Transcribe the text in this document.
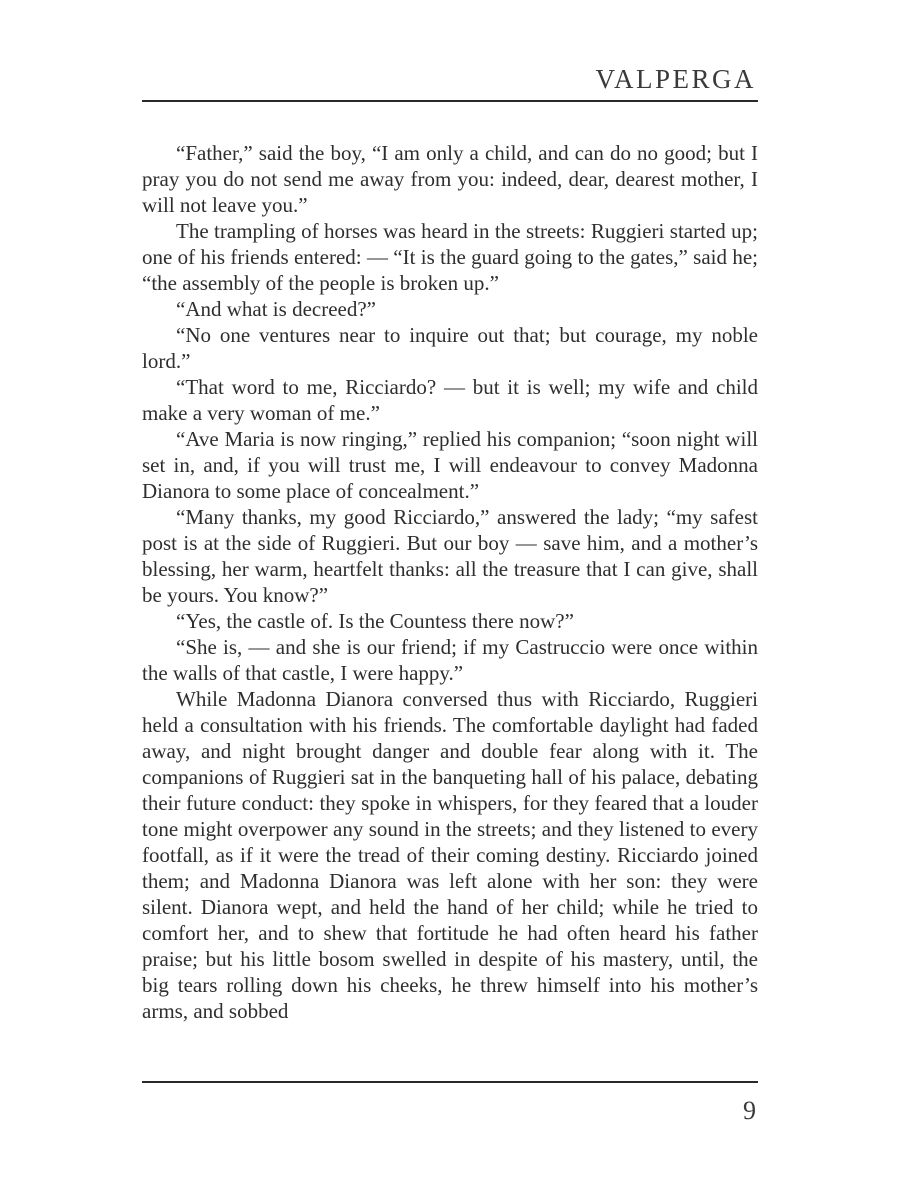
VALPERGA

“Father,” said the boy, “I am only a child, and can do no good; but I pray you do not send me away from you: indeed, dear, dearest mother, I will not leave you.”

The trampling of horses was heard in the streets: Ruggieri started up; one of his friends entered: — “It is the guard going to the gates,” said he; “the assembly of the people is broken up.”

“And what is decreed?”

“No one ventures near to inquire out that; but courage, my noble lord.”

“That word to me, Ricciardo? — but it is well; my wife and child make a very woman of me.”

“Ave Maria is now ringing,” replied his companion; “soon night will set in, and, if you will trust me, I will endeavour to convey Madonna Dianora to some place of concealment.”

“Many thanks, my good Ricciardo,” answered the lady; “my safest post is at the side of Ruggieri. But our boy — save him, and a mother’s blessing, her warm, heartfelt thanks: all the treasure that I can give, shall be yours. You know?”

“Yes, the castle of. Is the Countess there now?”

“She is, — and she is our friend; if my Castruccio were once within the walls of that castle, I were happy.”

While Madonna Dianora conversed thus with Ricciardo, Ruggieri held a consultation with his friends. The comfortable daylight had faded away, and night brought danger and double fear along with it. The companions of Ruggieri sat in the banqueting hall of his palace, debating their future conduct: they spoke in whispers, for they feared that a louder tone might overpower any sound in the streets; and they listened to every footfall, as if it were the tread of their coming destiny. Ricciardo joined them; and Madonna Dianora was left alone with her son: they were silent. Dianora wept, and held the hand of her child; while he tried to comfort her, and to shew that fortitude he had often heard his father praise; but his little bosom swelled in despite of his mastery, until, the big tears rolling down his cheeks, he threw himself into his mother’s arms, and sobbed

9
